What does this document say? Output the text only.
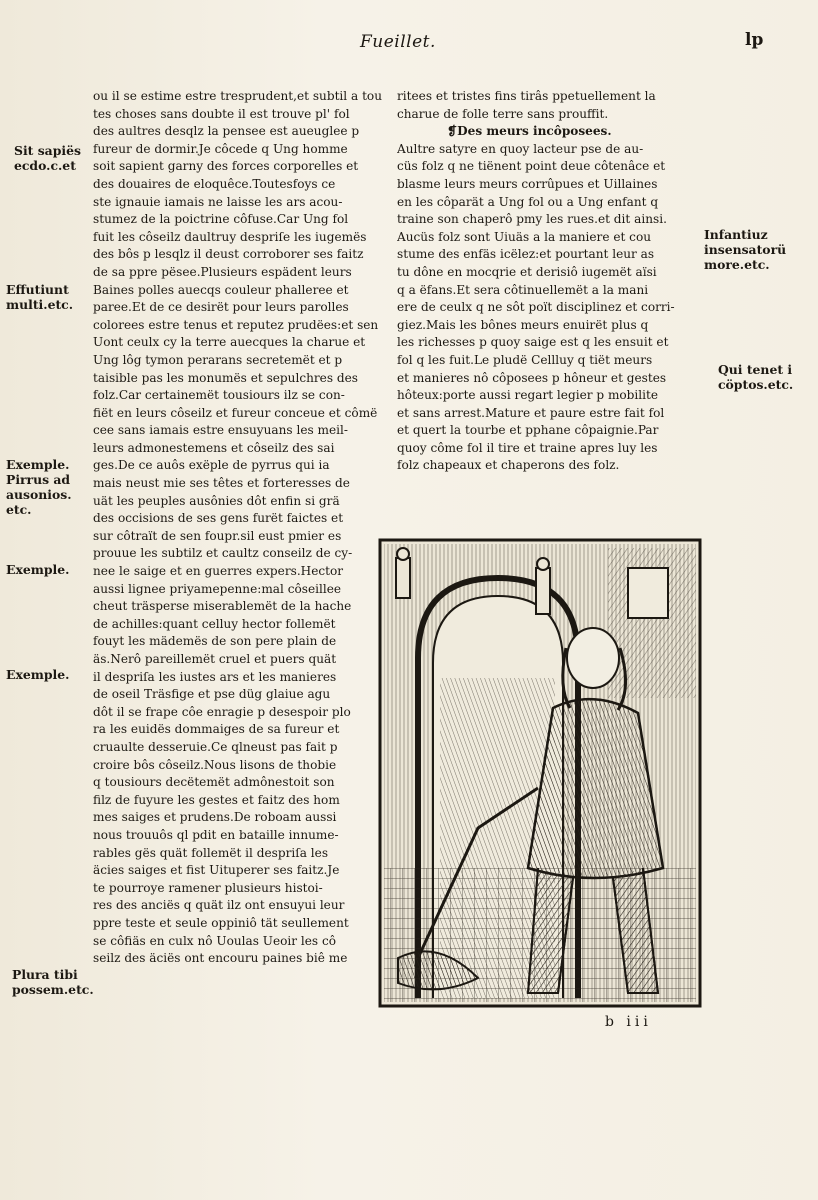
Fueillet.	lp
Sit sapiës
ecdo.c.et
Effutiunt
multi.etc.
Exemple.
Pirrus ad
ausonios.
etc.
Exemple.
Exemple.
Plura tibi
possem.etc.
Infantiuz
insensatorü
more.etc.
Qui tenet i
cöptos.etc.
ou il se estime estre tresprudent,et subtil a tou
tes choses sans doubte il est trouve pl' fol
des aultres desqlz la pensee est aueuglee p
fureur de dormir.Je côcede q Ung homme
soit sapient garny des forces corporelles et
des douaires de eloquêce.Toutesfoys ce
ste ignauie iamais ne laisse les ars acou-
stumez de la poictrine côfuse.Car Ung fol
fuit les côseilz daultruy despriſe les iugemës
des bôs p lesqlz il deust corroborer ses faitz
de sa ppre pësee.Plusieurs espädent leurs
Baines polles auecqs couleur phalleree et
paree.Et de ce desirët pour leurs parolles
colorees estre tenus et reputez prudëes:et sen
Uont ceulx cy la terre auecques la charue et
Ung lôg tymon perarans secretemët et p
taisible pas les monumës et sepulchres des
folz.Car certainemët tousiours ilz se con-
fiët en leurs côseilz et fureur conceue et cômë
cee sans iamais estre ensuyuans les meil-
leurs admonestemens et côseilz des sai
ges.De ce auôs exëple de pyrrus qui ia
mais neust mie ses têtes et forteresses de
uät les peuples ausônies dôt enfin si grä
des occisions de ses gens furët faictes et
sur côtraït de sen foupr.sil eust pmier es
prouue les subtilz et caultz conseilz de cy-
nee le saige et en guerres expers.Hector
aussi lignee priyamepenne:mal côseillee
cheut träsperse miserablemët de la hache
de achilles:quant celluy hector follemët
fouyt les mädemës de son pere plain de
äs.Nerô pareillemët cruel et puers quät
il despriſa les iustes ars et les manieres
de oseil Träsfige et pse düg glaiue agu
dôt il se frape côe enragie p desespoir plo
ra les euidës dommaiges de sa fureur et
cruaulte desseruie.Ce qlneust pas fait p
croire bôs côseilz.Nous lisons de thobie
q tousiours decëtemët admônestoit son
filz de fuyure les gestes et faitz des hom
mes saiges et prudens.De roboam aussi
nous trouuôs ql pdit en bataille innume-
rables gës quät follemët il despriſa les
äcies saiges et fist Uituperer ses faitz.Je
te pourroye ramener plusieurs histoi-
res des anciës q quät ilz ont ensuyui leur
ppre teste et seule oppiniô tät seullement
se côfiäs en culx nô Uoulas Ueoir les cô
seilz des äciës ont encouru paines biê me
ritees et tristes fins tirâs ppetuellement la
charue de folle terre sans prouffit.
❡Des meurs incôposees.
Aultre satyre en quoy lacteur pse de au-
cüs folz q ne tiënent point deue côtenâce et
blasme leurs meurs corrûpues et Uillaines
en les côparät a Ung fol ou a Ung enfant q
traine son chaperô pmy les rues.et dit ainsi.
Aucüs folz sont Uiuäs a la maniere et cou
stume des enfäs icëlez:et pourtant leur as
tu dône en mocqrie et derisiô iugemët aïsi
q a ëfans.Et sera côtinuellemët a la mani
ere de ceulx q ne sôt poït disciplinez et corri-
giez.Mais les bônes meurs enuirët plus q
les richesses p quoy saige est q les ensuit et
fol q les fuit.Le pludë Cellluy q tiët meurs
et manieres nô côposees p hôneur et gestes
hôteux:porte aussi regart legier p mobilite
et sans arrest.Mature et paure estre fait fol
et quert la tourbe et pphane côpaignie.Par
quoy côme fol il tire et traine apres luy les
folz chapeaux et chaperons des folz.
b iii
